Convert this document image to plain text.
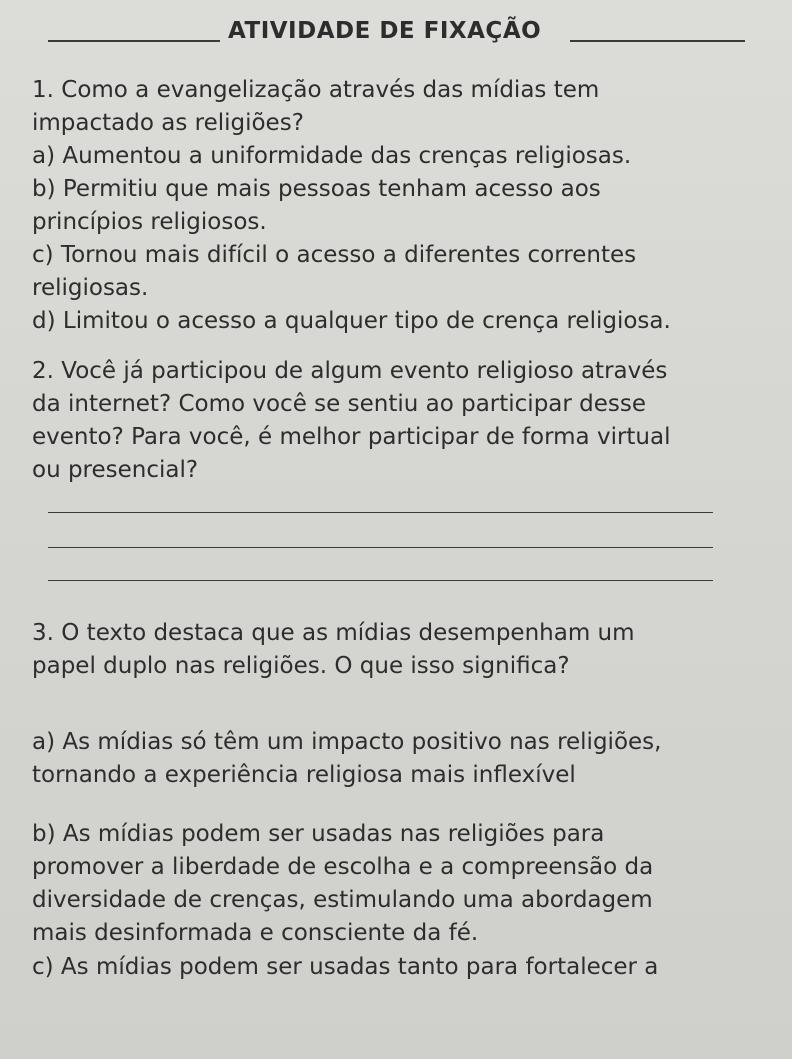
ATIVIDADE DE FIXAÇÃO

1. Como a evangelização através das mídias tem

impactado as religiões?

a) Aumentou a uniformidade das crenças religiosas.

b) Permitiu que mais pessoas tenham acesso aos

princípios religiosos.

c) Tornou mais difícil o acesso a diferentes correntes

religiosas.

d) Limitou o acesso a qualquer tipo de crença religiosa.

2. Você já participou de algum evento religioso através

da internet? Como você se sentiu ao participar desse

evento? Para você, é melhor participar de forma virtual

ou presencial?

3. O texto destaca que as mídias desempenham um

papel duplo nas religiões. O que isso significa?

a) As mídias só têm um impacto positivo nas religiões,

tornando a experiência religiosa mais inflexível

b) As mídias podem ser usadas nas religiões para

promover a liberdade de escolha e a compreensão da

diversidade de crenças, estimulando uma abordagem

mais desinformada e consciente da fé.

c) As mídias podem ser usadas tanto para fortalecer a
